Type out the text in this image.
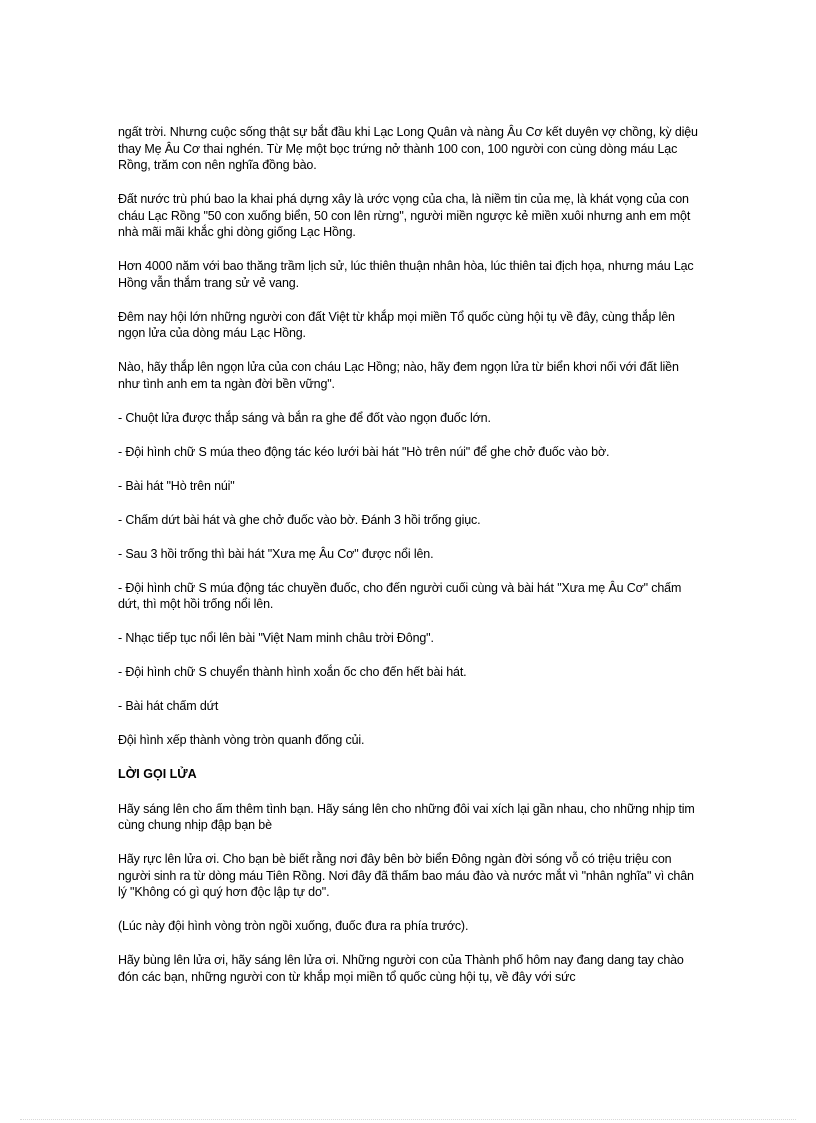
ngất trời. Nhưng cuộc sống thật sự bắt đầu khi Lạc Long Quân và nàng Âu Cơ kết duyên vợ chồng, kỳ diệu thay Mẹ Âu Cơ thai nghén. Từ Mẹ một bọc trứng nở thành 100 con, 100 người con cùng dòng máu Lạc Rồng, trăm con nên nghĩa đồng bào.

Đất nước trù phú bao la khai phá dựng xây là ước vọng của cha, là niềm tin của mẹ, là khát vọng của con cháu Lạc Rồng "50 con xuống biển, 50 con lên rừng", người miền ngược kẻ miền xuôi nhưng anh em một nhà mãi mãi khắc ghi dòng giống Lạc Hồng.

Hơn 4000 năm với bao thăng trầm lịch sử, lúc thiên thuận nhân hòa, lúc thiên tai địch họa, nhưng máu Lạc Hồng vẫn thắm trang sử vẻ vang.

Đêm nay hội lớn những người con đất Việt từ khắp mọi miền Tổ quốc cùng hội tụ về đây, cùng thắp lên ngọn lửa của dòng máu Lạc Hồng.

Nào, hãy thắp lên ngọn lửa của con cháu Lạc Hồng; nào, hãy đem ngọn lửa từ biển khơi nối với đất liền như tình anh em ta ngàn đời bền vững".

- Chuột lửa được thắp sáng và bắn ra ghe để đốt vào ngọn đuốc lớn.

- Đội hình chữ S múa theo động tác kéo lưới bài hát "Hò trên núi" để ghe chở đuốc vào bờ.

- Bài hát "Hò trên núi"

- Chấm dứt bài hát và ghe chở đuốc vào bờ. Đánh 3 hồi trống giục.

- Sau 3 hồi trống thì bài hát "Xưa mẹ Âu Cơ" được nổi lên.

- Đội hình chữ S múa động tác chuyền đuốc, cho đến người cuối cùng và bài hát "Xưa mẹ Âu Cơ" chấm dứt, thì một hồi trống nổi lên.

- Nhạc tiếp tục nổi lên bài "Việt Nam minh châu trời Đông".

- Đội hình chữ S chuyển thành hình xoắn ốc cho đến hết bài hát.

- Bài hát chấm dứt

Đội hình xếp thành vòng tròn quanh đống củi.

LỜI GỌI LỬA

Hãy sáng lên cho ấm thêm tình bạn. Hãy sáng lên cho những đôi vai xích lại gần nhau, cho những nhịp tim cùng chung nhịp đập bạn bè

Hãy rực lên lửa ơi. Cho bạn bè biết rằng nơi đây bên bờ biển Đông ngàn đời sóng vỗ có triệu triệu con người sinh ra từ dòng máu Tiên Rồng. Nơi đây đã thấm bao máu đào và nước mắt vì "nhân nghĩa" vì chân lý "Không có gì quý hơn độc lập tự do".

(Lúc này đội hình vòng tròn ngồi xuống, đuốc đưa ra phía trước).

Hãy bùng lên lửa ơi, hãy sáng lên lửa ơi. Những người con của Thành phố hôm nay đang dang tay chào đón các bạn, những người con từ khắp mọi miền tổ quốc cùng hội tụ, về đây với sức
